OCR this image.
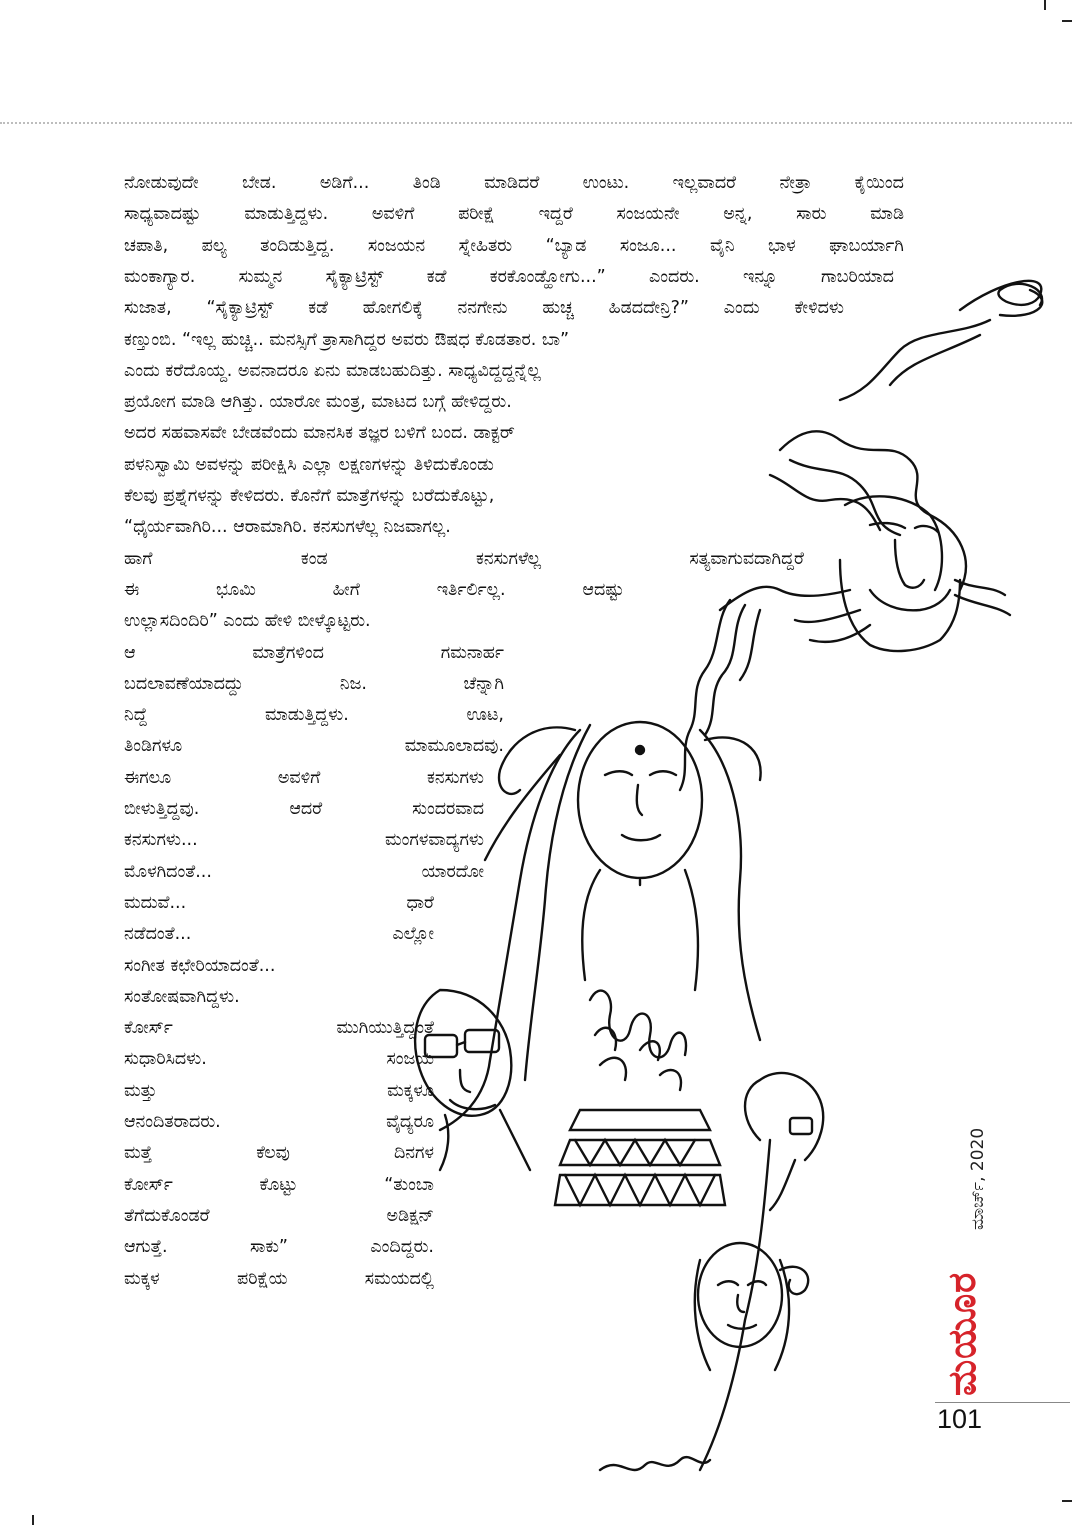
ಮಾರ್ಚ್, 2020
ಮಯೂರ
101
ನೋಡುವುದೇ ಬೇಡ. ಅಡಿಗೆ... ತಿಂಡಿ ಮಾಡಿದರೆ ಉಂಟು. ಇಲ್ಲವಾದರೆ ನೇತ್ರಾ ಕೈಯಿಂದ
ಸಾಧ್ಯವಾದಷ್ಟು ಮಾಡುತ್ತಿದ್ದಳು. ಅವಳಿಗೆ ಪರೀಕ್ಷೆ ಇದ್ದರೆ ಸಂಜಯನೇ ಅನ್ನ, ಸಾರು ಮಾಡಿ
ಚಪಾತಿ, ಪಲ್ಯ ತಂದಿಡುತ್ತಿದ್ದ. ಸಂಜಯನ ಸ್ನೇಹಿತರು “ಬ್ಯಾಡ ಸಂಜೂ... ವೈನಿ ಭಾಳ ಘಾಬರ್ಯಾಗಿ
ಮಂಕಾಗ್ಯಾರ. ಸುಮ್ಮನ ಸೈಕ್ಯಾಟ್ರಿಸ್ಟ್ ಕಡೆ ಕರಕೊಂಡ್ಹೋಗು...” ಎಂದರು. ಇನ್ನೂ ಗಾಬರಿಯಾದ
ಸುಜಾತ, “ಸೈಕ್ಯಾಟ್ರಿಸ್ಟ್ ಕಡೆ ಹೋಗಲಿಕ್ಕೆ ನನಗೇನು ಹುಚ್ಚ ಹಿಡದದೇನ್ರಿ?” ಎಂದು ಕೇಳಿದಳು
ಕಣ್ತುಂಬಿ. “ಇಲ್ಲ ಹುಚ್ಚಿ.. ಮನಸ್ಸಿಗೆ ತ್ರಾಸಾಗಿದ್ದರ ಅವರು ಔಷಧ ಕೊಡತಾರ. ಬಾ”
ಎಂದು ಕರೆದೊಯ್ದ. ಅವನಾದರೂ ಏನು ಮಾಡಬಹುದಿತ್ತು. ಸಾಧ್ಯವಿದ್ದದ್ದನ್ನೆಲ್ಲ
ಪ್ರಯೋಗ ಮಾಡಿ ಆಗಿತ್ತು. ಯಾರೋ ಮಂತ್ರ, ಮಾಟದ ಬಗ್ಗೆ ಹೇಳಿದ್ದರು.
ಅದರ ಸಹವಾಸವೇ ಬೇಡವೆಂದು ಮಾನಸಿಕ ತಜ್ಞರ ಬಳಿಗೆ ಬಂದ. ಡಾಕ್ಟರ್
ಪಳನಿಸ್ವಾಮಿ ಅವಳನ್ನು ಪರೀಕ್ಷಿಸಿ ಎಲ್ಲಾ ಲಕ್ಷಣಗಳನ್ನು ತಿಳಿದುಕೊಂಡು
ಕೆಲವು ಪ್ರಶ್ನೆಗಳನ್ನು ಕೇಳಿದರು. ಕೊನೆಗೆ ಮಾತ್ರೆಗಳನ್ನು ಬರೆದುಕೊಟ್ಟು,
“ಧೈರ್ಯವಾಗಿರಿ... ಆರಾಮಾಗಿರಿ. ಕನಸುಗಳೆಲ್ಲ ನಿಜವಾಗಲ್ಲ.
ಹಾಗೆ	ಕಂಡ	ಕನಸುಗಳೆಲ್ಲ	ಸತ್ಯವಾಗುವದಾಗಿದ್ದರೆ
ಈ	ಭೂಮಿ	ಹೀಗೆ	ಇರ್ತಿರ್ಲಿಲ್ಲ.	ಆದಷ್ಟು
ಉಲ್ಲಾಸದಿಂದಿರಿ” ಎಂದು ಹೇಳಿ ಬೀಳ್ಕೊಟ್ಟರು.
ಆ	ಮಾತ್ರೆಗಳಿಂದ	ಗಮನಾರ್ಹ
ಬದಲಾವಣೆಯಾದದ್ದು	ನಿಜ.	ಚೆನ್ನಾಗಿ
ನಿದ್ದೆ	ಮಾಡುತ್ತಿದ್ದಳು.	ಊಟ,
ತಿಂಡಿಗಳೂ	ಮಾಮೂಲಾದವು.
ಈಗಲೂ	ಅವಳಿಗೆ	ಕನಸುಗಳು
ಬೀಳುತ್ತಿದ್ದವು.	ಆದರೆ	ಸುಂದರವಾದ
ಕನಸುಗಳು...	ಮಂಗಳವಾದ್ಯಗಳು
ಮೊಳಗಿದಂತೆ...	ಯಾರದೋ
ಮದುವೆ...	ಧಾರೆ
ನಡೆದಂತೆ...	ಎಲ್ಲೋ
ಸಂಗೀತ ಕಛೇರಿಯಾದಂತೆ...
ಸಂತೋಷವಾಗಿದ್ದಳು.
ಕೋರ್ಸ್	ಮುಗಿಯುತ್ತಿದ್ದಂತೆ
ಸುಧಾರಿಸಿದಳು.	ಸಂಜಯ
ಮತ್ತು	ಮಕ್ಕಳೂ
ಆನಂದಿತರಾದರು.	ವೈದ್ಯರೂ
ಮತ್ತೆ	ಕೆಲವು	ದಿನಗಳ
ಕೋರ್ಸ್	ಕೊಟ್ಟು	“ತುಂಬಾ
ತೆಗೆದುಕೊಂಡರೆ	ಅಡಿಕ್ಷನ್
ಆಗುತ್ತೆ.	ಸಾಕು”	ಎಂದಿದ್ದರು.
ಮಕ್ಕಳ	ಪರಿಕ್ಷೆಯ	ಸಮಯದಲ್ಲಿ
